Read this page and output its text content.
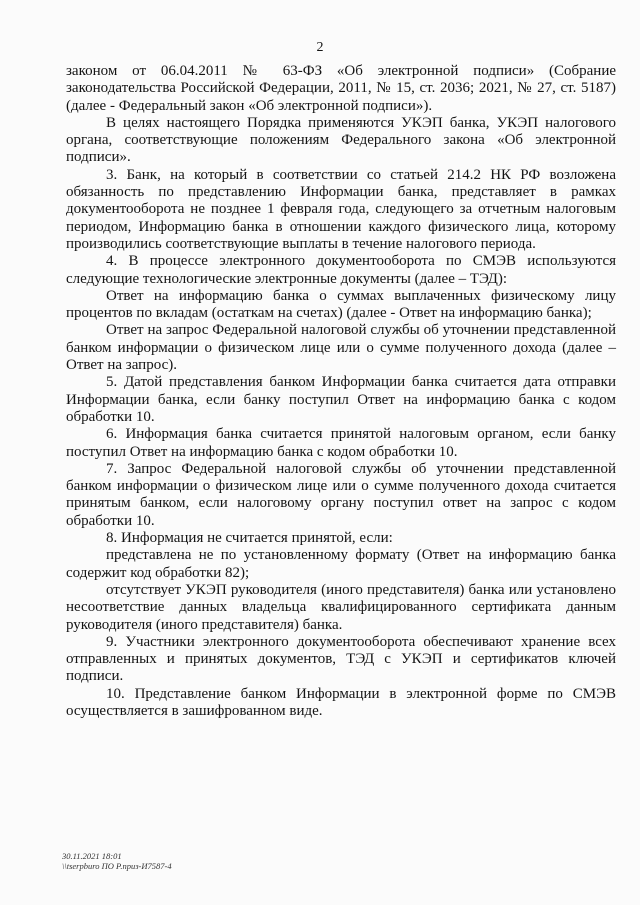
2

законом от 06.04.2011 № 63-ФЗ «Об электронной подписи» (Собрание законодательства Российской Федерации, 2011, № 15, ст. 2036; 2021, № 27, ст. 5187) (далее - Федеральный закон «Об электронной подписи»).

В целях настоящего Порядка применяются УКЭП банка, УКЭП налогового органа, соответствующие положениям Федерального закона «Об электронной подписи».

3. Банк, на который в соответствии со статьей 214.2 НК РФ возложена обязанность по представлению Информации банка, представляет в рамках документооборота не позднее 1 февраля года, следующего за отчетным налоговым периодом, Информацию банка в отношении каждого физического лица, которому производились соответствующие выплаты в течение налогового периода.

4. В процессе электронного документооборота по СМЭВ используются следующие технологические электронные документы (далее – ТЭД):

Ответ на информацию банка о суммах выплаченных физическому лицу процентов по вкладам (остаткам на счетах) (далее - Ответ на информацию банка);

Ответ на запрос Федеральной налоговой службы об уточнении представленной банком информации о физическом лице или о сумме полученного дохода (далее – Ответ на запрос).

5. Датой представления банком Информации банка считается дата отправки Информации банка, если банку поступил Ответ на информацию банка с кодом обработки 10.

6. Информация банка считается принятой налоговым органом, если банку поступил Ответ на информацию банка с кодом обработки 10.

7. Запрос Федеральной налоговой службы об уточнении представленной банком информации о физическом лице или о сумме полученного дохода считается принятым банком, если налоговому органу поступил ответ на запрос с кодом обработки 10.

8. Информация не считается принятой, если:

представлена не по установленному формату (Ответ на информацию банка содержит код обработки 82);

отсутствует УКЭП руководителя (иного представителя) банка или установлено несоответствие данных владельца квалифицированного сертификата данным руководителя (иного представителя) банка.

9. Участники электронного документооборота обеспечивают хранение всех отправленных и принятых документов, ТЭД с УКЭП и сертификатов ключей подписи.

10. Представление банком Информации в электронной форме по СМЭВ осуществляется в зашифрованном виде.

30.11.2021 18:01
\\tserpburo ПО Р.приз-И7587-4
